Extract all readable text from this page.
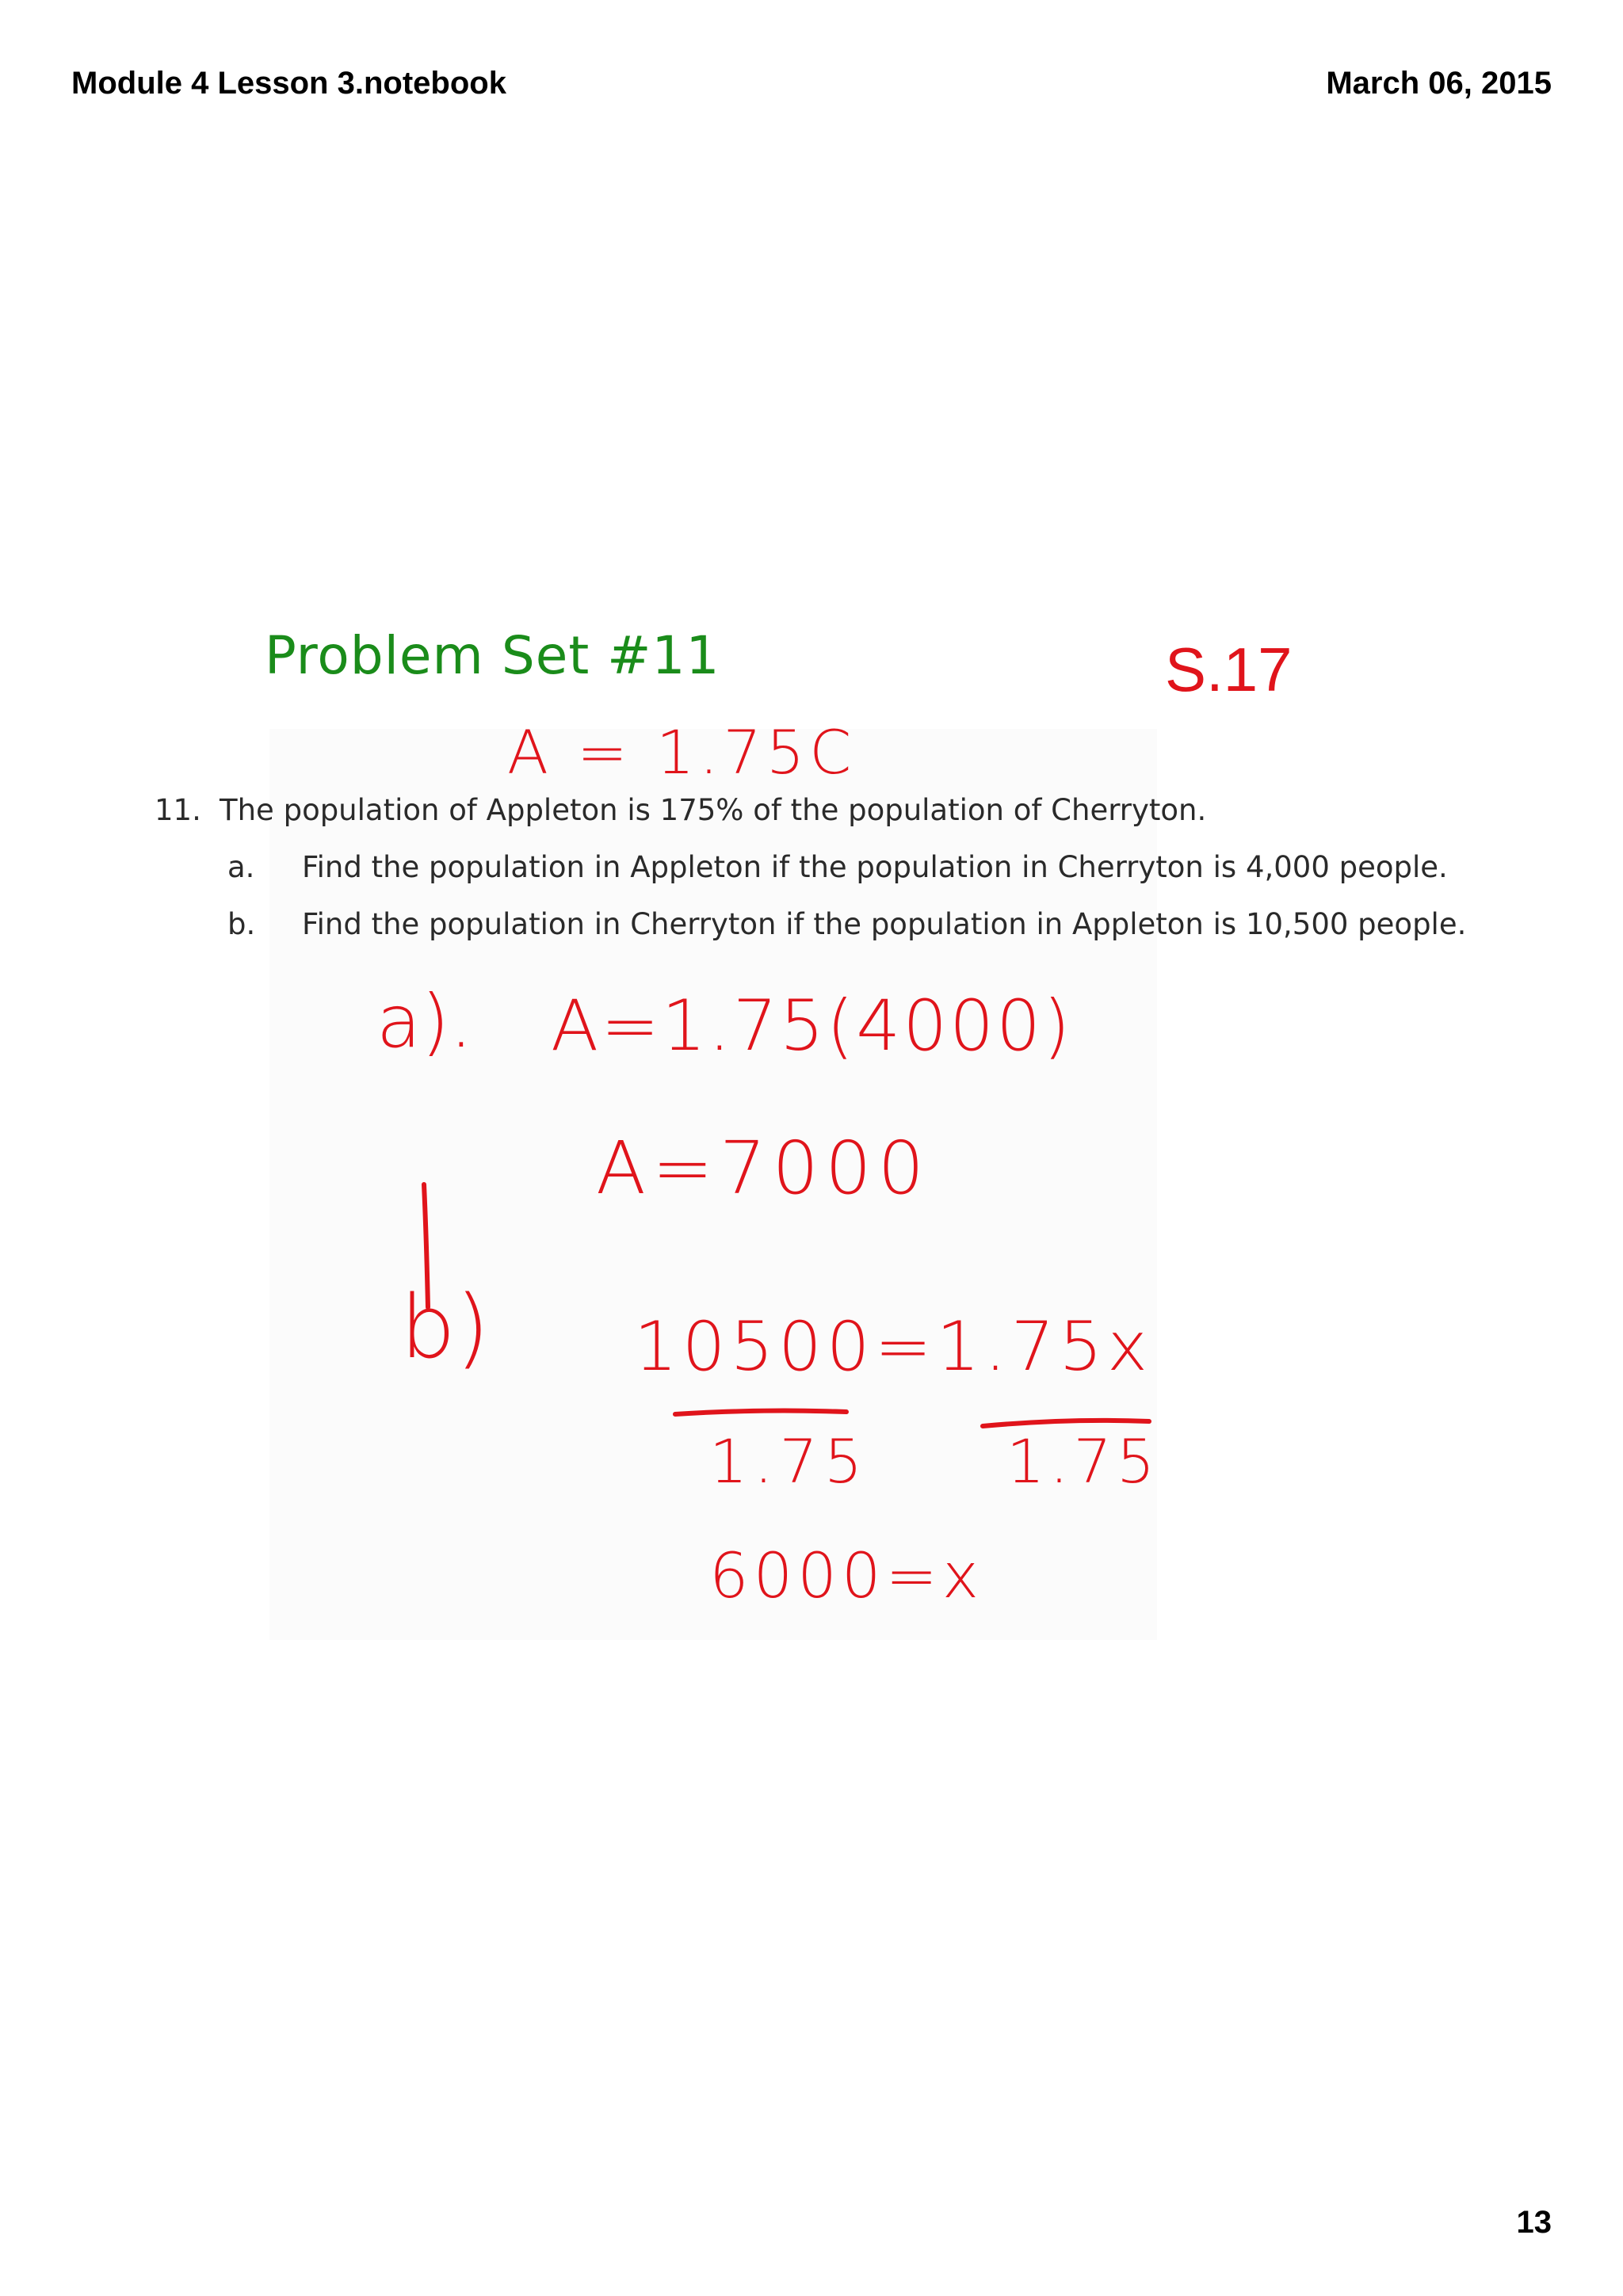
Module 4 Lesson 3.notebook	March 06, 2015
Problem Set #11	S.17
A = 1.75C
11. The population of Appleton is 175% of the population of Cherryton.
a. Find the population in Appleton if the population in Cherryton is 4,000 people.
b. Find the population in Cherryton if the population in Appleton is 10,500 people.
a). A=1.75(4000)
A=7000
b) 10500=1.75x
1.75 1.75
6000=x
13
